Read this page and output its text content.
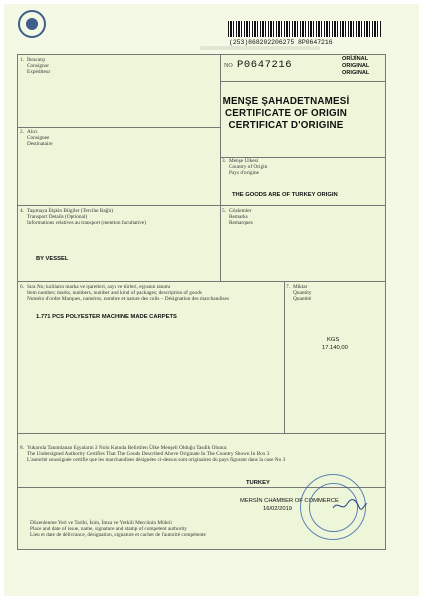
(253)868202206275 8P0647216
NO P0647216	ORİJİNAL
ORIGINAL
ORIGINAL
MENŞE ŞAHADETNAMESİ
CERTIFICATE OF ORIGIN
CERTIFICAT D'ORIGINE
1. İhracatçı
Consignor
Expéditeur
2. Alıcı
Consignee
Destinataire
3. Menşe Ülkesi
Country of Origin
Pays d'origine
THE GOODS ARE OF TURKEY ORIGIN
4. Taşımaya İlişkin Bilgiler (Tercihe Bağlı)
Transport Details (Optional)
Informations relatives au transport (mention facultative)
BY VESSEL
5. Gözlemler
Remarks
Remarques
6. Sıra No; koliların marka ve işaretleri, sayı ve türleri, eşyanın tanımı
Item number; marks, numbers, number and kind of packages; description of goods
Numéro d'ordre Marques, numéros, nombre et nature des colis – Désignation des marchandises
1.771 PCS POLYESTER MACHINE MADE CARPETS
7. Miktar
Quantity
Quantité
KGS
17.140,00
8. Yukarıda Tanımlanan Eşyaların 3 Nolu Kutuda Belirtilen Ülke Menşeli Olduğu Tasdik Olunur.
The Undersigned Authority Certifies That The Goods Described Above Originate In The Country Shown In Box 3
L'autorité soussignée certifie que les marchandises désignées ci-dessus sont originaires du pays figurant dans la case No 3
TURKEY
MERSİN CHAMBER OF COMMERCE
16/02/2019
Düzenlenme Yeri ve Tarihi, İsim, İmza ve Yetkili Merciinin Mührü
Place and date of issue, name, signature and stamp of competent authority
Lieu et date de délivrance, désignation, signature et cachet de l'autorité compétente
